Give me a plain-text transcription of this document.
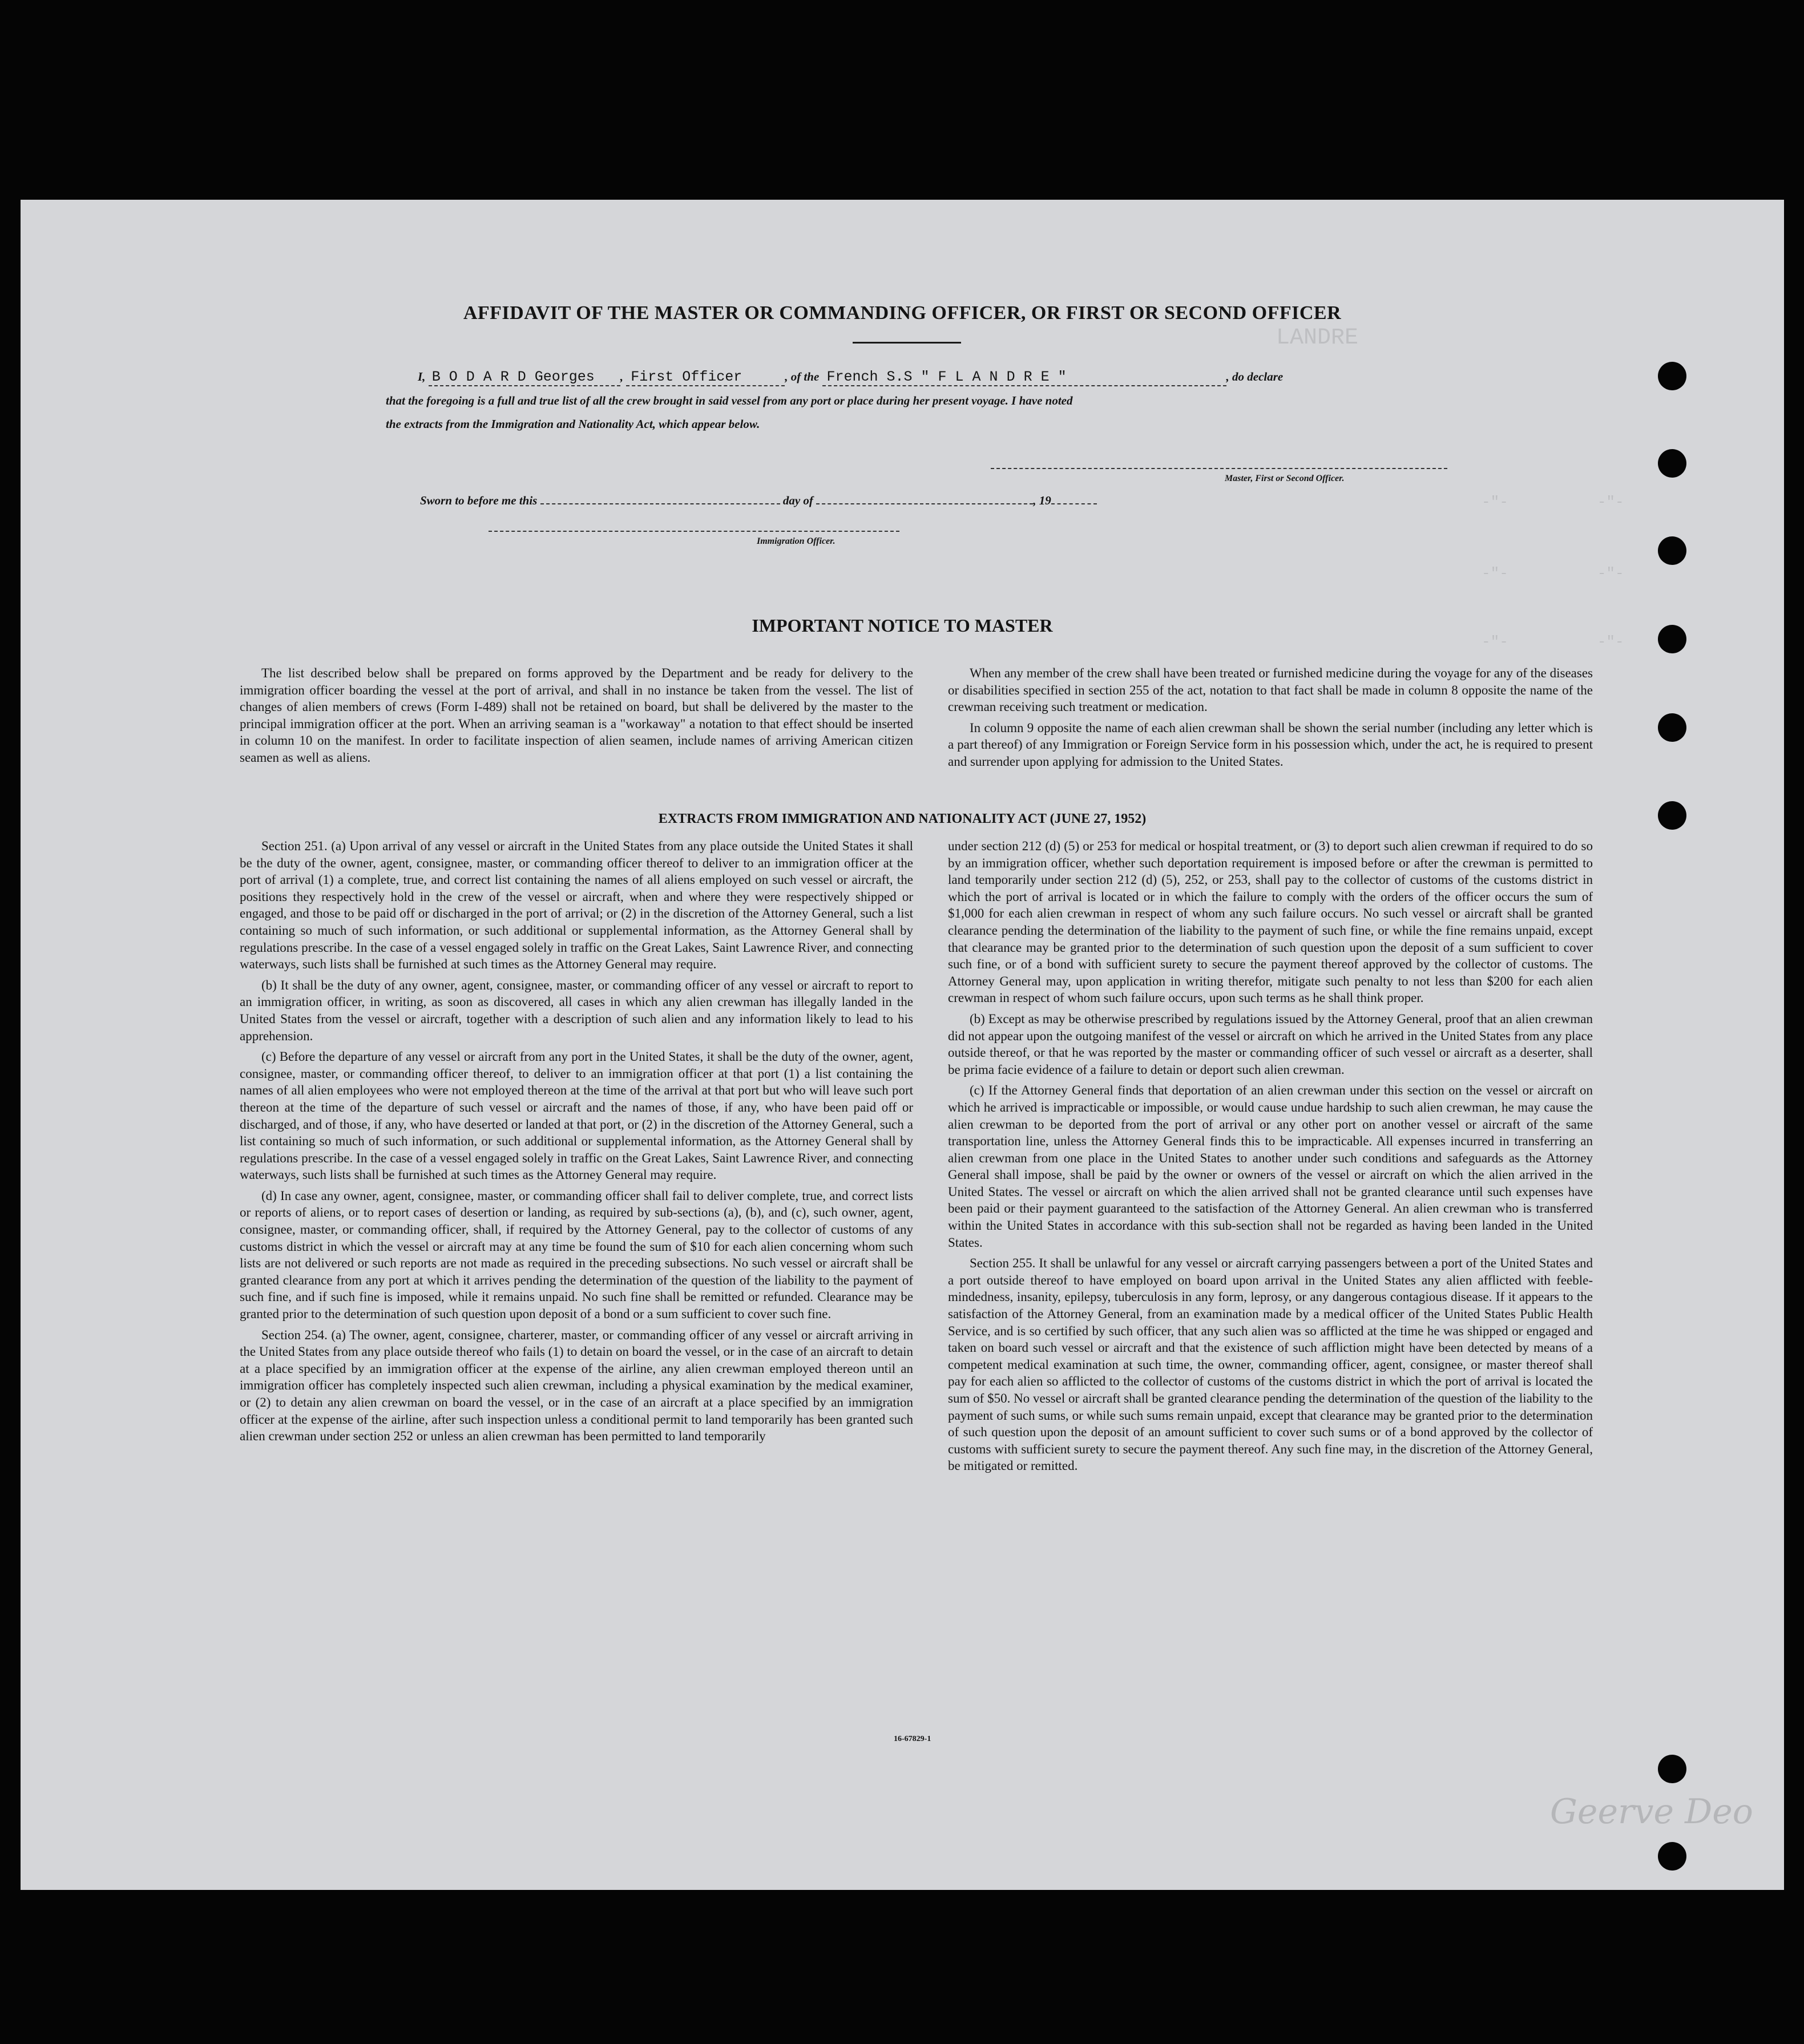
LANDRE
-"-          -"-
-"-          -"-
-"-          -"-
Geerve Deo
AFFIDAVIT OF THE MASTER OR COMMANDING OFFICER, OR FIRST OR SECOND OFFICER
I, B O D A R D Georges , First Officer	, of the French S.S " F L A N D R E "	, do declare
that the foregoing is a full and true list of all the crew brought in said vessel from any port or place during her present voyage. I have noted
the extracts from the Immigration and Nationality Act, which appear below.
Master, First or Second Officer.
Sworn to before me this	day of	, 19
Immigration Officer.
IMPORTANT NOTICE TO MASTER

The list described below shall be prepared on forms approved by the Department and be ready for delivery to the immigration officer boarding the vessel at the port of arrival, and shall in no instance be taken from the vessel. The list of changes of alien members of crews (Form I-489) shall not be retained on board, but shall be delivered by the master to the principal immigration officer at the port. When an arriving seaman is a "workaway" a notation to that effect should be inserted in column 10 on the manifest. In order to facilitate inspection of alien seamen, include names of arriving American citizen seamen as well as aliens.

When any member of the crew shall have been treated or furnished medicine during the voyage for any of the diseases or disabilities specified in section 255 of the act, notation to that fact shall be made in column 8 opposite the name of the crewman receiving such treatment or medication.

In column 9 opposite the name of each alien crewman shall be shown the serial number (including any letter which is a part thereof) of any Immigration or Foreign Service form in his possession which, under the act, he is required to present and surrender upon applying for admission to the United States.

EXTRACTS FROM IMMIGRATION AND NATIONALITY ACT (JUNE 27, 1952)

Section 251. (a) Upon arrival of any vessel or aircraft in the United States from any place outside the United States it shall be the duty of the owner, agent, consignee, master, or commanding officer thereof to deliver to an immigration officer at the port of arrival (1) a complete, true, and correct list containing the names of all aliens employed on such vessel or aircraft, the positions they respectively hold in the crew of the vessel or aircraft, when and where they were respectively shipped or engaged, and those to be paid off or discharged in the port of arrival; or (2) in the discretion of the Attorney General, such a list containing so much of such information, or such additional or supplemental information, as the Attorney General shall by regulations prescribe. In the case of a vessel engaged solely in traffic on the Great Lakes, Saint Lawrence River, and connecting waterways, such lists shall be furnished at such times as the Attorney General may require.

(b) It shall be the duty of any owner, agent, consignee, master, or commanding officer of any vessel or aircraft to report to an immigration officer, in writing, as soon as discovered, all cases in which any alien crewman has illegally landed in the United States from the vessel or aircraft, together with a description of such alien and any information likely to lead to his apprehension.

(c) Before the departure of any vessel or aircraft from any port in the United States, it shall be the duty of the owner, agent, consignee, master, or commanding officer thereof, to deliver to an immigration officer at that port (1) a list containing the names of all alien employees who were not employed thereon at the time of the arrival at that port but who will leave such port thereon at the time of the departure of such vessel or aircraft and the names of those, if any, who have been paid off or discharged, and of those, if any, who have deserted or landed at that port, or (2) in the discretion of the Attorney General, such a list containing so much of such information, or such additional or supplemental information, as the Attorney General shall by regulations prescribe. In the case of a vessel engaged solely in traffic on the Great Lakes, Saint Lawrence River, and connecting waterways, such lists shall be furnished at such times as the Attorney General may require.

(d) In case any owner, agent, consignee, master, or commanding officer shall fail to deliver complete, true, and correct lists or reports of aliens, or to report cases of desertion or landing, as required by sub-sections (a), (b), and (c), such owner, agent, consignee, master, or commanding officer, shall, if required by the Attorney General, pay to the collector of customs of any customs district in which the vessel or aircraft may at any time be found the sum of $10 for each alien concerning whom such lists are not delivered or such reports are not made as required in the preceding subsections. No such vessel or aircraft shall be granted clearance from any port at which it arrives pending the determination of the question of the liability to the payment of such fine, and if such fine is imposed, while it remains unpaid. No such fine shall be remitted or refunded. Clearance may be granted prior to the determination of such question upon deposit of a bond or a sum sufficient to cover such fine.

Section 254. (a) The owner, agent, consignee, charterer, master, or commanding officer of any vessel or aircraft arriving in the United States from any place outside thereof who fails (1) to detain on board the vessel, or in the case of an aircraft to detain at a place specified by an immigration officer at the expense of the airline, any alien crewman employed thereon until an immigration officer has completely inspected such alien crewman, including a physical examination by the medical examiner, or (2) to detain any alien crewman on board the vessel, or in the case of an aircraft at a place specified by an immigration officer at the expense of the airline, after such inspection unless a conditional permit to land temporarily has been granted such alien crewman under section 252 or unless an alien crewman has been permitted to land temporarily

under section 212 (d) (5) or 253 for medical or hospital treatment, or (3) to deport such alien crewman if required to do so by an immigration officer, whether such deportation requirement is imposed before or after the crewman is permitted to land temporarily under section 212 (d) (5), 252, or 253, shall pay to the collector of customs of the customs district in which the port of arrival is located or in which the failure to comply with the orders of the officer occurs the sum of $1,000 for each alien crewman in respect of whom any such failure occurs. No such vessel or aircraft shall be granted clearance pending the determination of the liability to the payment of such fine, or while the fine remains unpaid, except that clearance may be granted prior to the determination of such question upon the deposit of a sum sufficient to cover such fine, or of a bond with sufficient surety to secure the payment thereof approved by the collector of customs. The Attorney General may, upon application in writing therefor, mitigate such penalty to not less than $200 for each alien crewman in respect of whom such failure occurs, upon such terms as he shall think proper.

(b) Except as may be otherwise prescribed by regulations issued by the Attorney General, proof that an alien crewman did not appear upon the outgoing manifest of the vessel or aircraft on which he arrived in the United States from any place outside thereof, or that he was reported by the master or commanding officer of such vessel or aircraft as a deserter, shall be prima facie evidence of a failure to detain or deport such alien crewman.

(c) If the Attorney General finds that deportation of an alien crewman under this section on the vessel or aircraft on which he arrived is impracticable or impossible, or would cause undue hardship to such alien crewman, he may cause the alien crewman to be deported from the port of arrival or any other port on another vessel or aircraft of the same transportation line, unless the Attorney General finds this to be impracticable. All expenses incurred in transferring an alien crewman from one place in the United States to another under such conditions and safeguards as the Attorney General shall impose, shall be paid by the owner or owners of the vessel or aircraft on which the alien arrived in the United States. The vessel or aircraft on which the alien arrived shall not be granted clearance until such expenses have been paid or their payment guaranteed to the satisfaction of the Attorney General. An alien crewman who is transferred within the United States in accordance with this sub-section shall not be regarded as having been landed in the United States.

Section 255. It shall be unlawful for any vessel or aircraft carrying passengers between a port of the United States and a port outside thereof to have employed on board upon arrival in the United States any alien afflicted with feeble-mindedness, insanity, epilepsy, tuberculosis in any form, leprosy, or any dangerous contagious disease. If it appears to the satisfaction of the Attorney General, from an examination made by a medical officer of the United States Public Health Service, and is so certified by such officer, that any such alien was so afflicted at the time he was shipped or engaged and taken on board such vessel or aircraft and that the existence of such affliction might have been detected by means of a competent medical examination at such time, the owner, commanding officer, agent, consignee, or master thereof shall pay for each alien so afflicted to the collector of customs of the customs district in which the port of arrival is located the sum of $50. No vessel or aircraft shall be granted clearance pending the determination of the question of the liability to the payment of such sums, or while such sums remain unpaid, except that clearance may be granted prior to the determination of such question upon the deposit of an amount sufficient to cover such sums or of a bond approved by the collector of customs with sufficient surety to secure the payment thereof. Any such fine may, in the discretion of the Attorney General, be mitigated or remitted.

16-67829-1
